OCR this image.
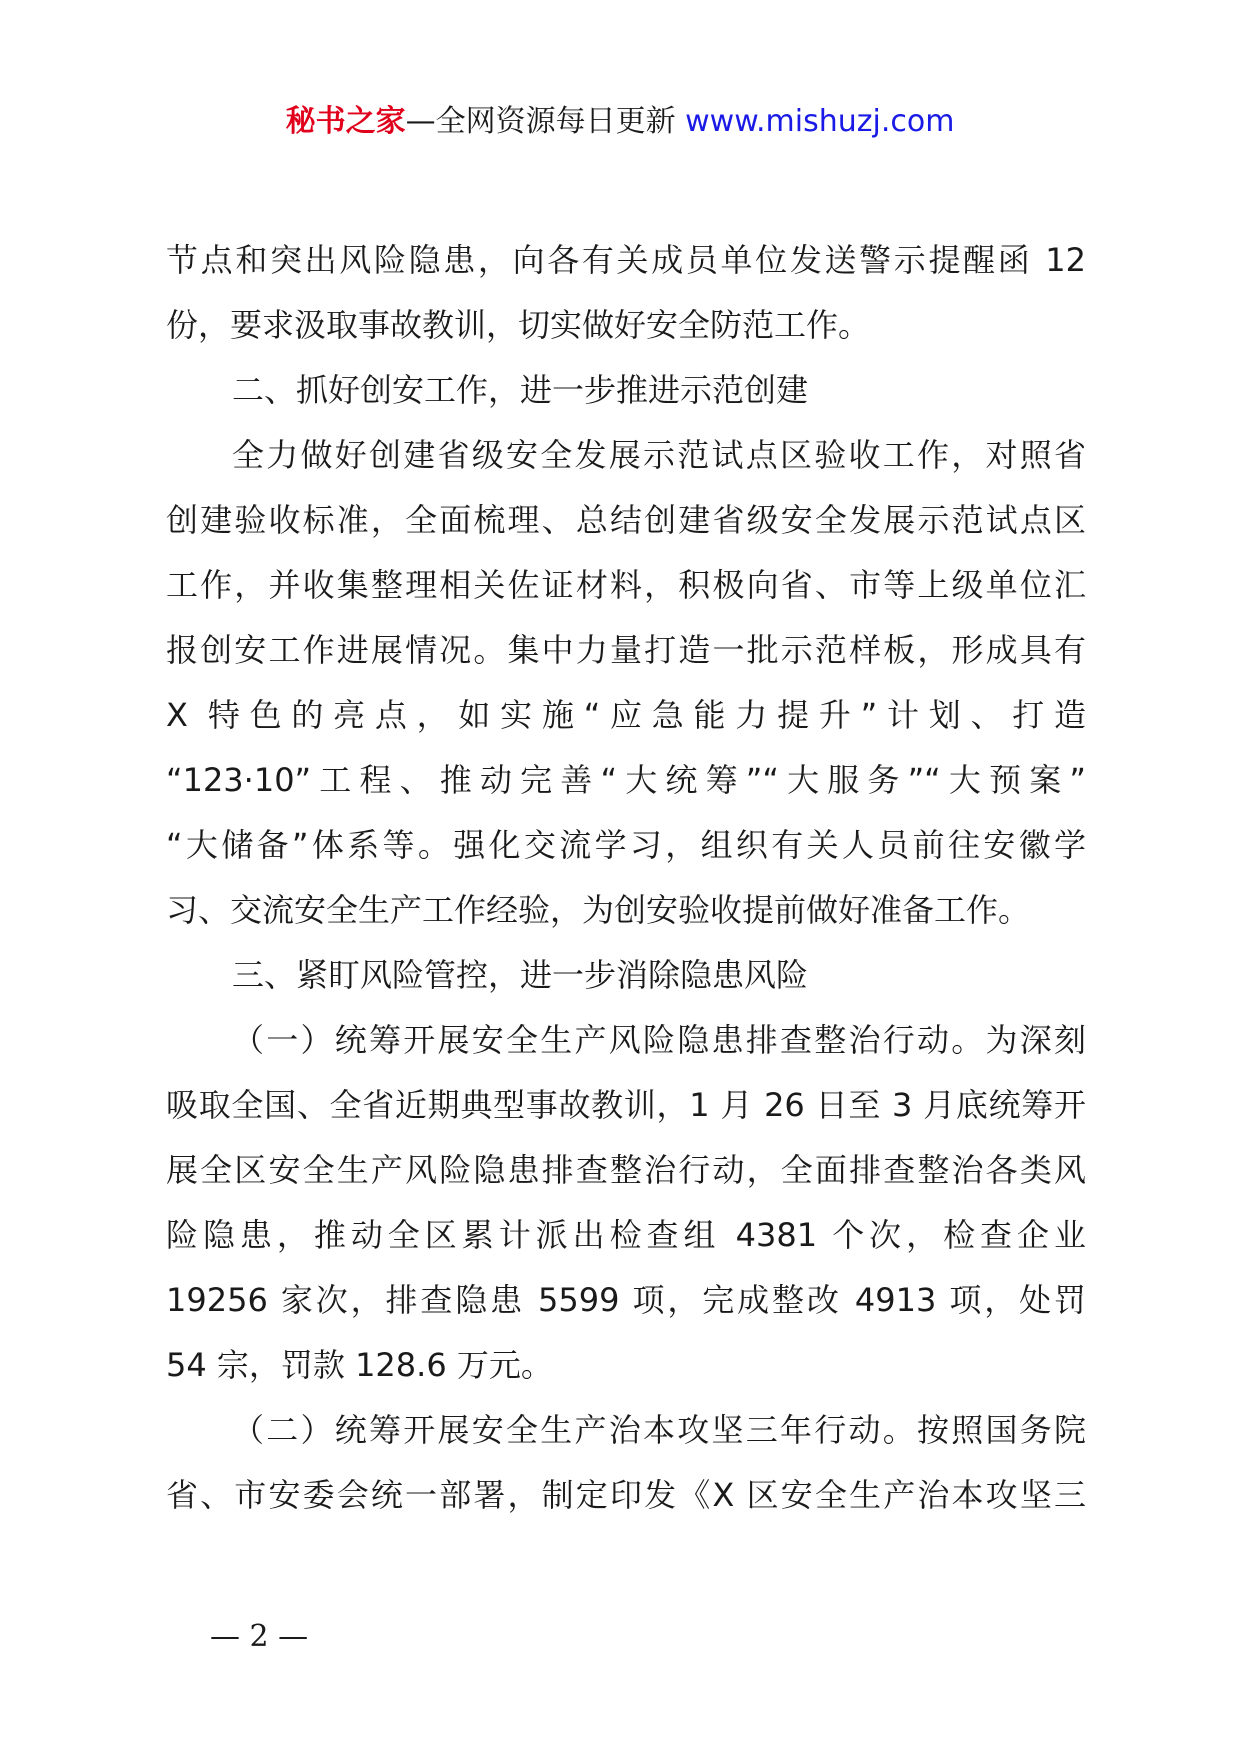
秘书之家—全网资源每日更新 www.mishuzj.com
节点和突出风险隐患，向各有关成员单位发送警示提醒函 12
份，要求汲取事故教训，切实做好安全防范工作。
二、抓好创安工作，进一步推进示范创建
全力做好创建省级安全发展示范试点区验收工作，对照省
创建验收标准，全面梳理、总结创建省级安全发展示范试点区
工作，并收集整理相关佐证材料，积极向省、市等上级单位汇
报创安工作进展情况。集中力量打造一批示范样板，形成具有
X 特色的亮点，如实施“应急能力提升”计划、打造
“123·10”工程、推动完善“大统筹”“大服务”“大预案”
“大储备”体系等。强化交流学习，组织有关人员前往安徽学
习、交流安全生产工作经验，为创安验收提前做好准备工作。
三、紧盯风险管控，进一步消除隐患风险
（一）统筹开展安全生产风险隐患排查整治行动。为深刻
吸取全国、全省近期典型事故教训，1 月 26 日至 3 月底统筹开
展全区安全生产风险隐患排查整治行动，全面排查整治各类风
险隐患，推动全区累计派出检查组 4381 个次，检查企业
19256 家次，排查隐患 5599 项，完成整改 4913 项，处罚
54 宗，罚款 128.6 万元。
（二）统筹开展安全生产治本攻坚三年行动。按照国务院
省、市安委会统一部署，制定印发《X 区安全生产治本攻坚三
— 2 —
